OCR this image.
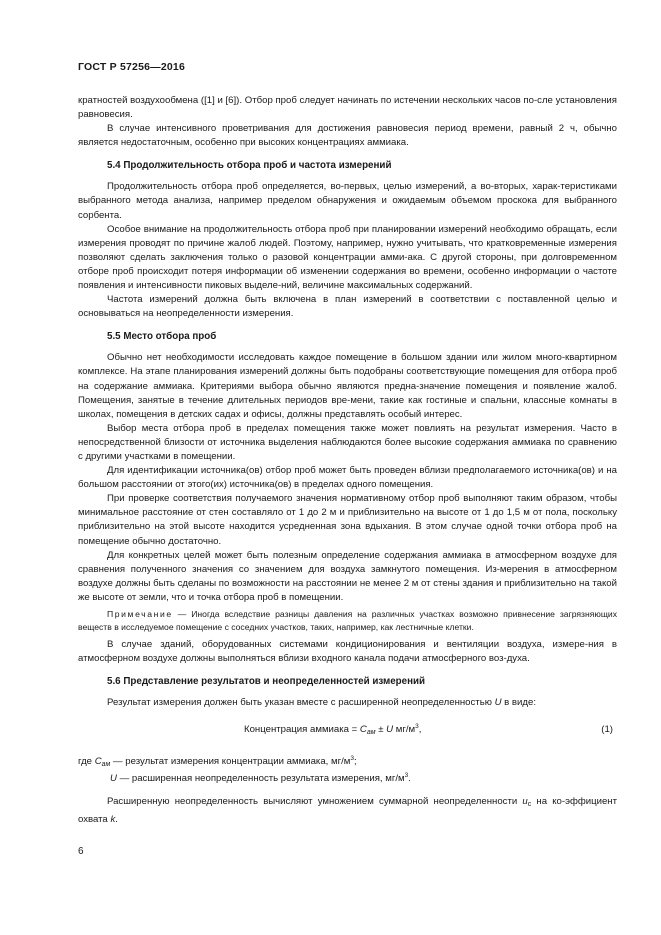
ГОСТ Р 57256—2016

кратностей воздухообмена ([1] и [6]). Отбор проб следует начинать по истечении нескольких часов по-сле установления равновесия.

В случае интенсивного проветривания для достижения равновесия период времени, равный 2 ч, обычно является недостаточным, особенно при высоких концентрациях аммиака.

5.4 Продолжительность отбора проб и частота измерений

Продолжительность отбора проб определяется, во-первых, целью измерений, а во-вторых, харак-теристиками выбранного метода анализа, например пределом обнаружения и ожидаемым объемом проскока для выбранного сорбента.

Особое внимание на продолжительность отбора проб при планировании измерений необходимо обращать, если измерения проводят по причине жалоб людей. Поэтому, например, нужно учитывать, что кратковременные измерения позволяют сделать заключения только о разовой концентрации амми-ака. С другой стороны, при долговременном отборе проб происходит потеря информации об изменении содержания во времени, особенно информации о частоте появления и интенсивности пиковых выделе-ний, величине максимальных содержаний.

Частота измерений должна быть включена в план измерений в соответствии с поставленной целью и основываться на неопределенности измерения.

5.5 Место отбора проб

Обычно нет необходимости исследовать каждое помещение в большом здании или жилом много-квартирном комплексе. На этапе планирования измерений должны быть подобраны соответствующие помещения для отбора проб на содержание аммиака. Критериями выбора обычно являются предна-значение помещения и появление жалоб. Помещения, занятые в течение длительных периодов вре-мени, такие как гостиные и спальни, классные комнаты в школах, помещения в детских садах и офисы, должны представлять особый интерес.

Выбор места отбора проб в пределах помещения также может повлиять на результат измерения. Часто в непосредственной близости от источника выделения наблюдаются более высокие содержания аммиака по сравнению с другими участками в помещении.

Для идентификации источника(ов) отбор проб может быть проведен вблизи предполагаемого источника(ов) и на большом расстоянии от этого(их) источника(ов) в пределах одного помещения.

При проверке соответствия получаемого значения нормативному отбор проб выполняют таким образом, чтобы минимальное расстояние от стен составляло от 1 до 2 м и приблизительно на высоте от 1 до 1,5 м от пола, поскольку приблизительно на этой высоте находится усредненная зона вдыхания. В этом случае одной точки отбора проб на помещение обычно достаточно.

Для конкретных целей может быть полезным определение содержания аммиака в атмосферном воздухе для сравнения полученного значения со значением для воздуха замкнутого помещения. Из-мерения в атмосферном воздухе должны быть сделаны по возможности на расстоянии не менее 2 м от стены здания и приблизительно на такой же высоте от земли, что и точка отбора проб в помещении.

Примечание — Иногда вследствие разницы давления на различных участках возможно привнесение загрязняющих веществ в исследуемое помещение с соседних участков, таких, например, как лестничные клетки.

В случае зданий, оборудованных системами кондиционирования и вентиляции воздуха, измере-ния в атмосферном воздухе должны выполняться вблизи входного канала подачи атмосферного воз-духа.

5.6 Представление результатов и неопределенностей измерений

Результат измерения должен быть указан вместе с расширенной неопределенностью U в виде:

Концентрация аммиака = $C_{ам} \pm U$ $мг/м^3$,	(1)
где $C_{ам}$ — результат измерения концентрации аммиака, $мг/м^3$;
U — расширенная неопределенность результата измерения, $мг/м^3$.

Расширенную неопределенность вычисляют умножением суммарной неопределенности $u_c$ на ко-эффициент охвата k.

6
